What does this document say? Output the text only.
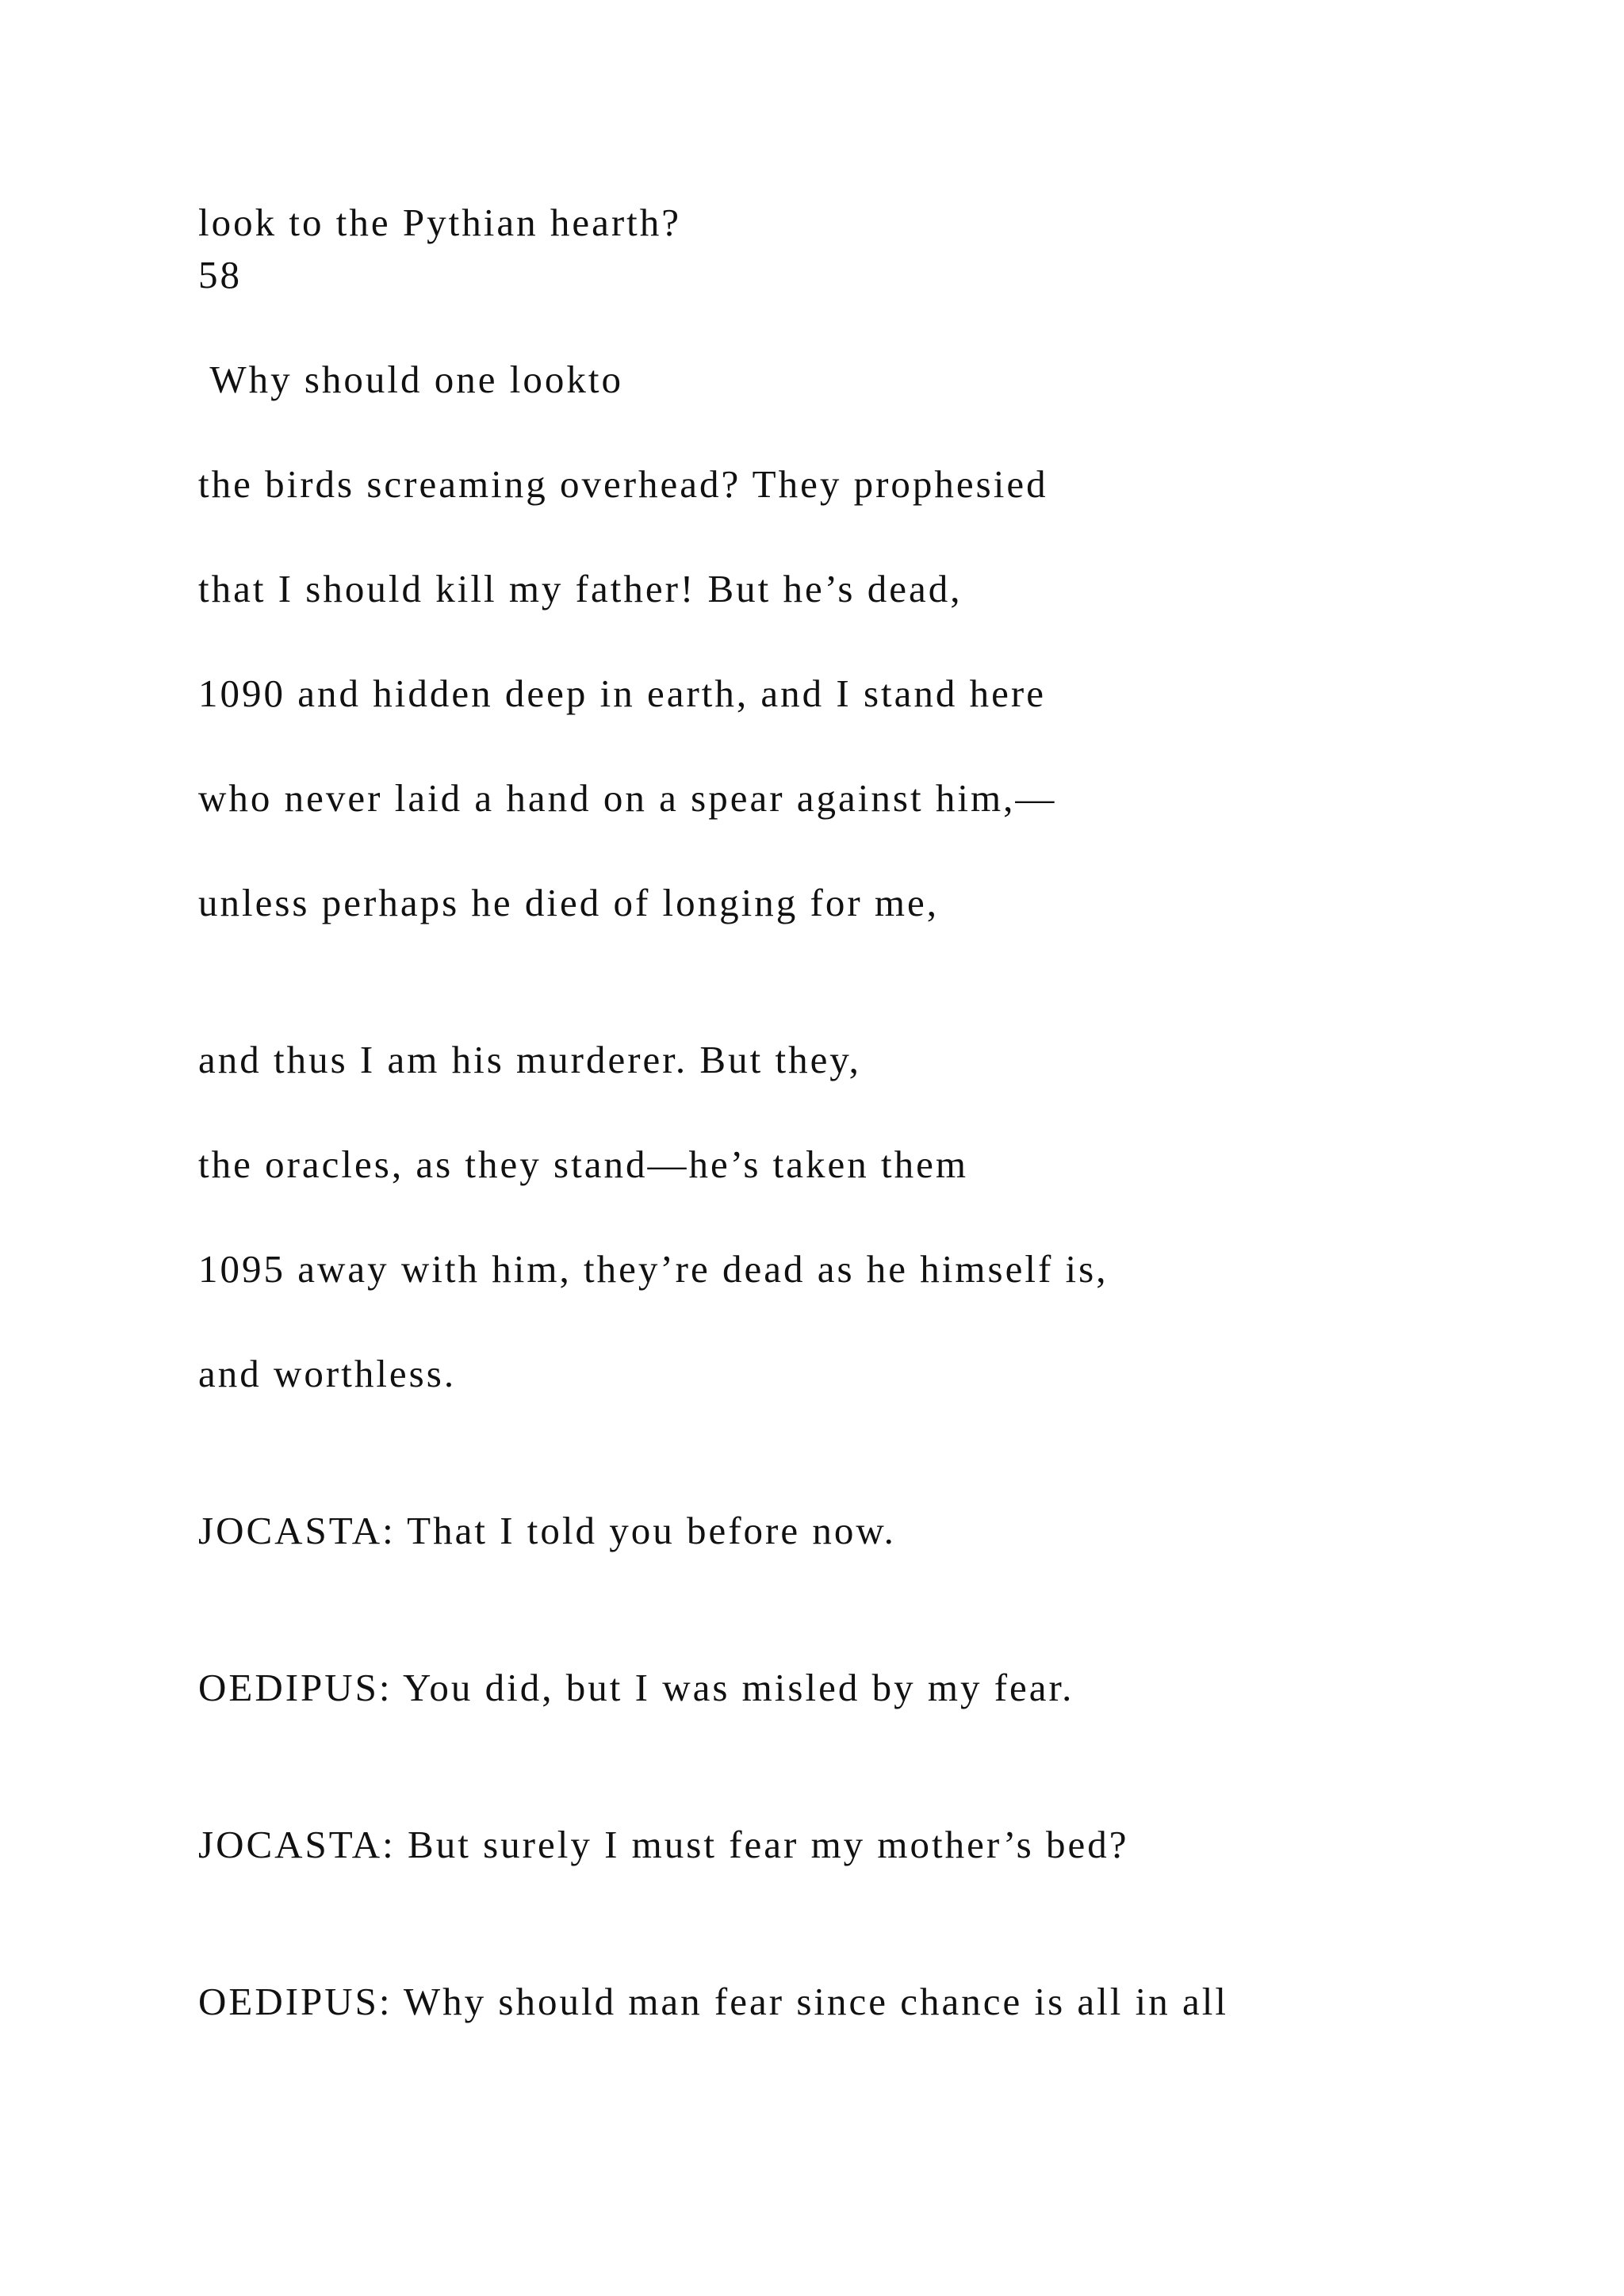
look to the Pythian hearth?

58

Why should one lookto

the birds screaming overhead? They prophesied

that I should kill my father! But he’s dead,

1090 and hidden deep in earth, and I stand here

who never laid a hand on a spear against him,—

unless perhaps he died of longing for me,

and thus I am his murderer. But they,

the oracles, as they stand—he’s taken them

1095 away with him, they’re dead as he himself is,

and worthless.

JOCASTA: That I told you before now.

OEDIPUS: You did, but I was misled by my fear.

JOCASTA: But surely I must fear my mother’s bed?

OEDIPUS: Why should man fear since chance is all in all
